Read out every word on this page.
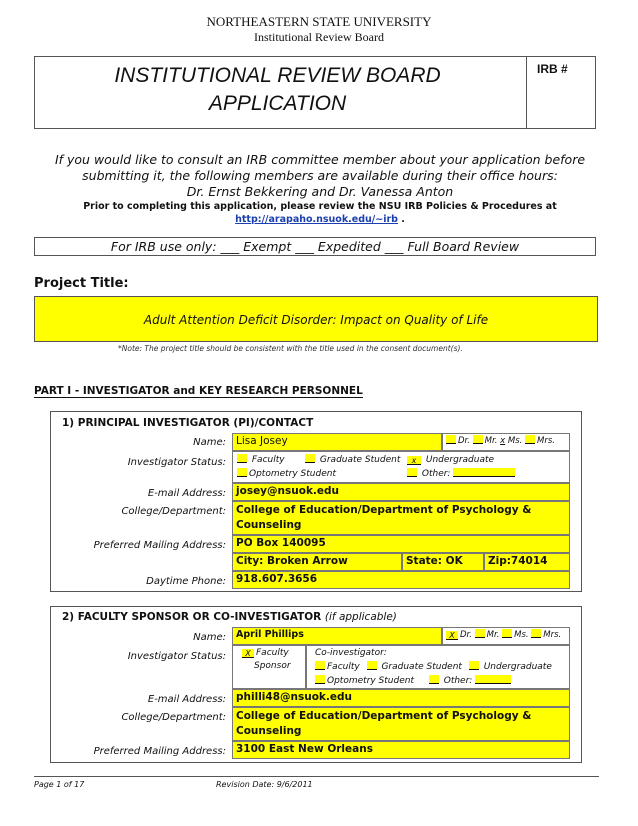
NORTHEASTERN STATE UNIVERSITY
Institutional Review Board
INSTITUTIONAL REVIEW BOARD
APPLICATION
IRB #
If you would like to consult an IRB committee member about your application before
submitting it, the following members are available during their office hours:
Dr. Ernst Bekkering and Dr. Vanessa Anton
Prior to completing this application, please review the NSU IRB Policies & Procedures at
http://arapaho.nsuok.edu/~irb .
For IRB use only: ___ Exempt ___ Expedited ___ Full Board Review
Project Title:
Adult Attention Deficit Disorder: Impact on Quality of Life
*Note: The project title should be consistent with the title used in the consent document(s).
PART I - INVESTIGATOR and KEY RESEARCH PERSONNEL
1) PRINCIPAL INVESTIGATOR (PI)/CONTACT
Name: Lisa Josey	Dr. Mr. x Ms. Mrs.
Investigator Status:	Faculty	Graduate Student	x Undergraduate
Optometry Student	Other:
E-mail Address: josey@nsuok.edu
College/Department: College of Education/Department of Psychology &
Counseling
Preferred Mailing Address: PO Box 140095
City: Broken Arrow	State: OK	Zip:74014
Daytime Phone: 918.607.3656
2) FACULTY SPONSOR OR CO-INVESTIGATOR (if applicable)
Name:	April Phillips	X Dr. Mr. Ms. Mrs.
Investigator Status:	X Faculty
Sponsor
Co-investigator:
Faculty Graduate Student Undergraduate
Optometry Student	Other:
E-mail Address: philli48@nsuok.edu
College/Department: College of Education/Department of Psychology &
Counseling
Preferred Mailing Address: 3100 East New Orleans
Page 1 of 17	Revision Date: 9/6/2011
